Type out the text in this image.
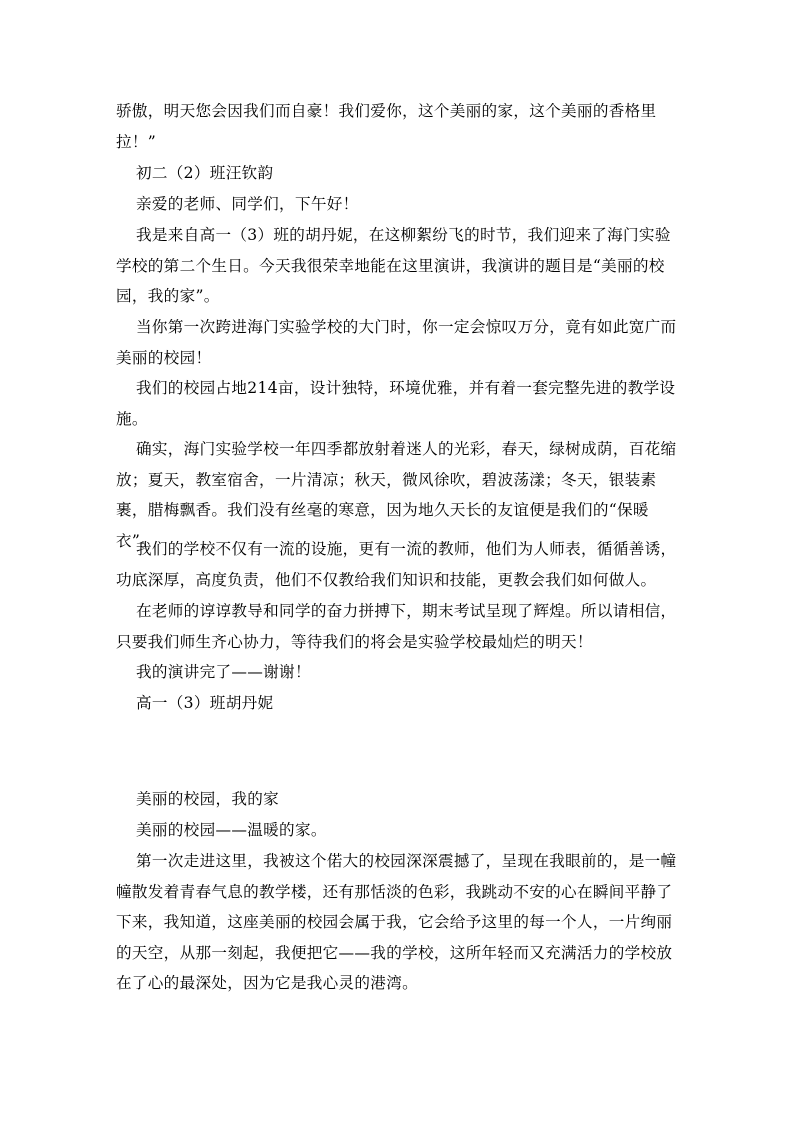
骄傲，明天您会因我们而自豪！我们爱你，这个美丽的家，这个美丽的香格里拉！”

初二（2）班汪钦韵

亲爱的老师、同学们，下午好！

我是来自高一（3）班的胡丹妮，在这柳絮纷飞的时节，我们迎来了海门实验学校的第二个生日。今天我很荣幸地能在这里演讲，我演讲的题目是“美丽的校园，我的家”。

当你第一次跨进海门实验学校的大门时，你一定会惊叹万分，竟有如此宽广而美丽的校园！

我们的校园占地214亩，设计独特，环境优雅，并有着一套完整先进的教学设施。

确实，海门实验学校一年四季都放射着迷人的光彩，春天，绿树成荫，百花缩放；夏天，教室宿舍，一片清凉；秋天，微风徐吹，碧波荡漾；冬天，银装素裹，腊梅飘香。我们没有丝毫的寒意，因为地久天长的友谊便是我们的“保暖衣”。

我们的学校不仅有一流的设施，更有一流的教师，他们为人师表，循循善诱，功底深厚，高度负责，他们不仅教给我们知识和技能，更教会我们如何做人。

在老师的谆谆教导和同学的奋力拼搏下，期末考试呈现了辉煌。所以请相信，只要我们师生齐心协力，等待我们的将会是实验学校最灿烂的明天！

我的演讲完了——谢谢！

高一（3）班胡丹妮

美丽的校园，我的家

美丽的校园——温暖的家。

第一次走进这里，我被这个偌大的校园深深震撼了，呈现在我眼前的，是一幢幢散发着青春气息的教学楼，还有那恬淡的色彩，我跳动不安的心在瞬间平静了下来，我知道，这座美丽的校园会属于我，它会给予这里的每一个人，一片绚丽的天空，从那一刻起，我便把它——我的学校，这所年轻而又充满活力的学校放在了心的最深处，因为它是我心灵的港湾。
